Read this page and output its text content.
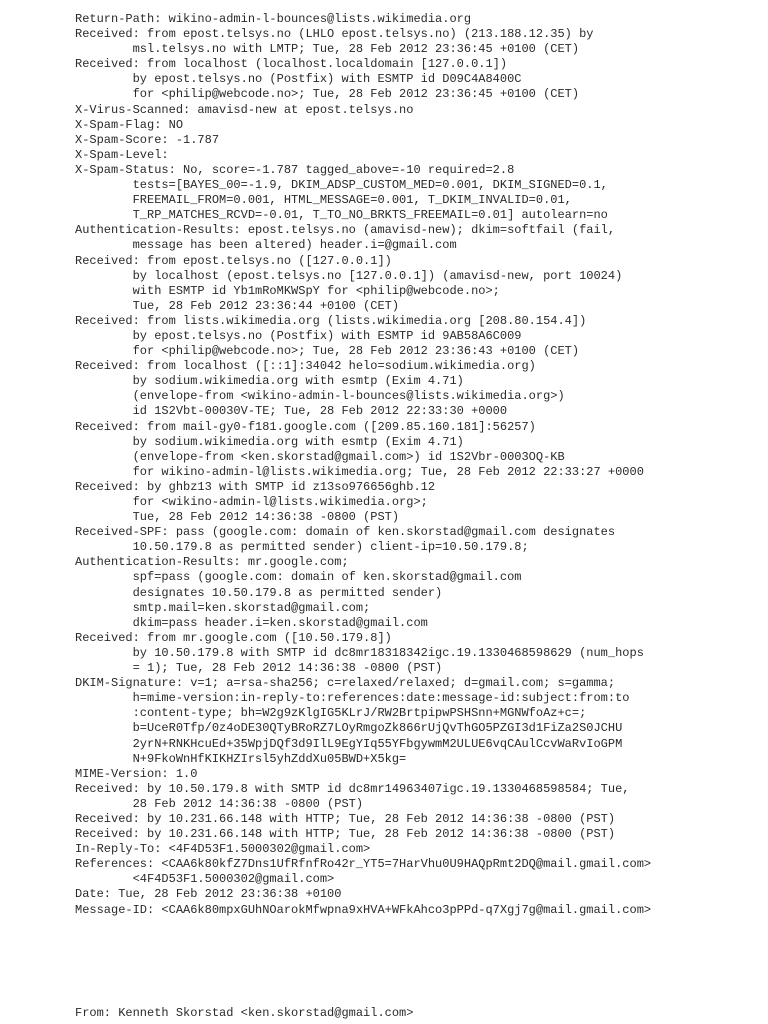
Return-Path: wikino-admin-l-bounces@lists.wikimedia.org
Received: from epost.telsys.no (LHLO epost.telsys.no) (213.188.12.35) by
msl.telsys.no with LMTP; Tue, 28 Feb 2012 23:36:45 +0100 (CET)
Received: from localhost (localhost.localdomain [127.0.0.1])
by epost.telsys.no (Postfix) with ESMTP id D09C4A8400C
for <philip@webcode.no>; Tue, 28 Feb 2012 23:36:45 +0100 (CET)
X-Virus-Scanned: amavisd-new at epost.telsys.no
X-Spam-Flag: NO
X-Spam-Score: -1.787
X-Spam-Level:
X-Spam-Status: No, score=-1.787 tagged_above=-10 required=2.8
tests=[BAYES_00=-1.9, DKIM_ADSP_CUSTOM_MED=0.001, DKIM_SIGNED=0.1,
FREEMAIL_FROM=0.001, HTML_MESSAGE=0.001, T_DKIM_INVALID=0.01,
T_RP_MATCHES_RCVD=-0.01, T_TO_NO_BRKTS_FREEMAIL=0.01] autolearn=no
Authentication-Results: epost.telsys.no (amavisd-new); dkim=softfail (fail,
message has been altered) header.i=@gmail.com
Received: from epost.telsys.no ([127.0.0.1])
by localhost (epost.telsys.no [127.0.0.1]) (amavisd-new, port 10024)
with ESMTP id Yb1mRoMKWSpY for <philip@webcode.no>;
Tue, 28 Feb 2012 23:36:44 +0100 (CET)
Received: from lists.wikimedia.org (lists.wikimedia.org [208.80.154.4])
by epost.telsys.no (Postfix) with ESMTP id 9AB58A6C009
for <philip@webcode.no>; Tue, 28 Feb 2012 23:36:43 +0100 (CET)
Received: from localhost ([::1]:34042 helo=sodium.wikimedia.org)
by sodium.wikimedia.org with esmtp (Exim 4.71)
(envelope-from <wikino-admin-l-bounces@lists.wikimedia.org>)
id 1S2Vbt-00030V-TE; Tue, 28 Feb 2012 22:33:30 +0000
Received: from mail-gy0-f181.google.com ([209.85.160.181]:56257)
by sodium.wikimedia.org with esmtp (Exim 4.71)
(envelope-from <ken.skorstad@gmail.com>) id 1S2Vbr-0003OQ-KB
for wikino-admin-l@lists.wikimedia.org; Tue, 28 Feb 2012 22:33:27 +0000
Received: by ghbz13 with SMTP id z13so976656ghb.12
for <wikino-admin-l@lists.wikimedia.org>;
Tue, 28 Feb 2012 14:36:38 -0800 (PST)
Received-SPF: pass (google.com: domain of ken.skorstad@gmail.com designates
10.50.179.8 as permitted sender) client-ip=10.50.179.8;
Authentication-Results: mr.google.com;
spf=pass (google.com: domain of ken.skorstad@gmail.com
designates 10.50.179.8 as permitted sender)
smtp.mail=ken.skorstad@gmail.com;
dkim=pass header.i=ken.skorstad@gmail.com
Received: from mr.google.com ([10.50.179.8])
by 10.50.179.8 with SMTP id dc8mr18318342igc.19.1330468598629 (num_hops
= 1); Tue, 28 Feb 2012 14:36:38 -0800 (PST)
DKIM-Signature: v=1; a=rsa-sha256; c=relaxed/relaxed; d=gmail.com; s=gamma;
h=mime-version:in-reply-to:references:date:message-id:subject:from:to
:content-type; bh=W2g9zKlgIG5KLrJ/RW2BrtpipwPSHSnn+MGNWfoAz+c=;
b=UceR0Tfp/0z4oDE30QTyBRoRZ7LOyRmgoZk866rUjQvThGO5PZGI3d1FiZa2S0JCHU
2yrN+RNKHcuEd+35WpjDQf3d9IlL9EgYIq55YFbgywmM2ULUE6vqCAulCcvWaRvIoGPM
N+9FkoWnHfKIKHZIrsl5yhZddXu05BWD+X5kg=
MIME-Version: 1.0
Received: by 10.50.179.8 with SMTP id dc8mr14963407igc.19.1330468598584; Tue,
28 Feb 2012 14:36:38 -0800 (PST)
Received: by 10.231.66.148 with HTTP; Tue, 28 Feb 2012 14:36:38 -0800 (PST)
Received: by 10.231.66.148 with HTTP; Tue, 28 Feb 2012 14:36:38 -0800 (PST)
In-Reply-To: <4F4D53F1.5000302@gmail.com>
References: <CAA6k80kfZ7Dns1UfRfnfRo42r_YT5=7HarVhu0U9HAQpRmt2DQ@mail.gmail.com>
<4F4D53F1.5000302@gmail.com>
Date: Tue, 28 Feb 2012 23:36:38 +0100
Message-ID: <CAA6k80mpxGUhNOarokMfwpna9xHVA+WFkAhco3pPPd-q7Xgj7g@mail.gmail.com>
From: Kenneth Skorstad <ken.skorstad@gmail.com>
